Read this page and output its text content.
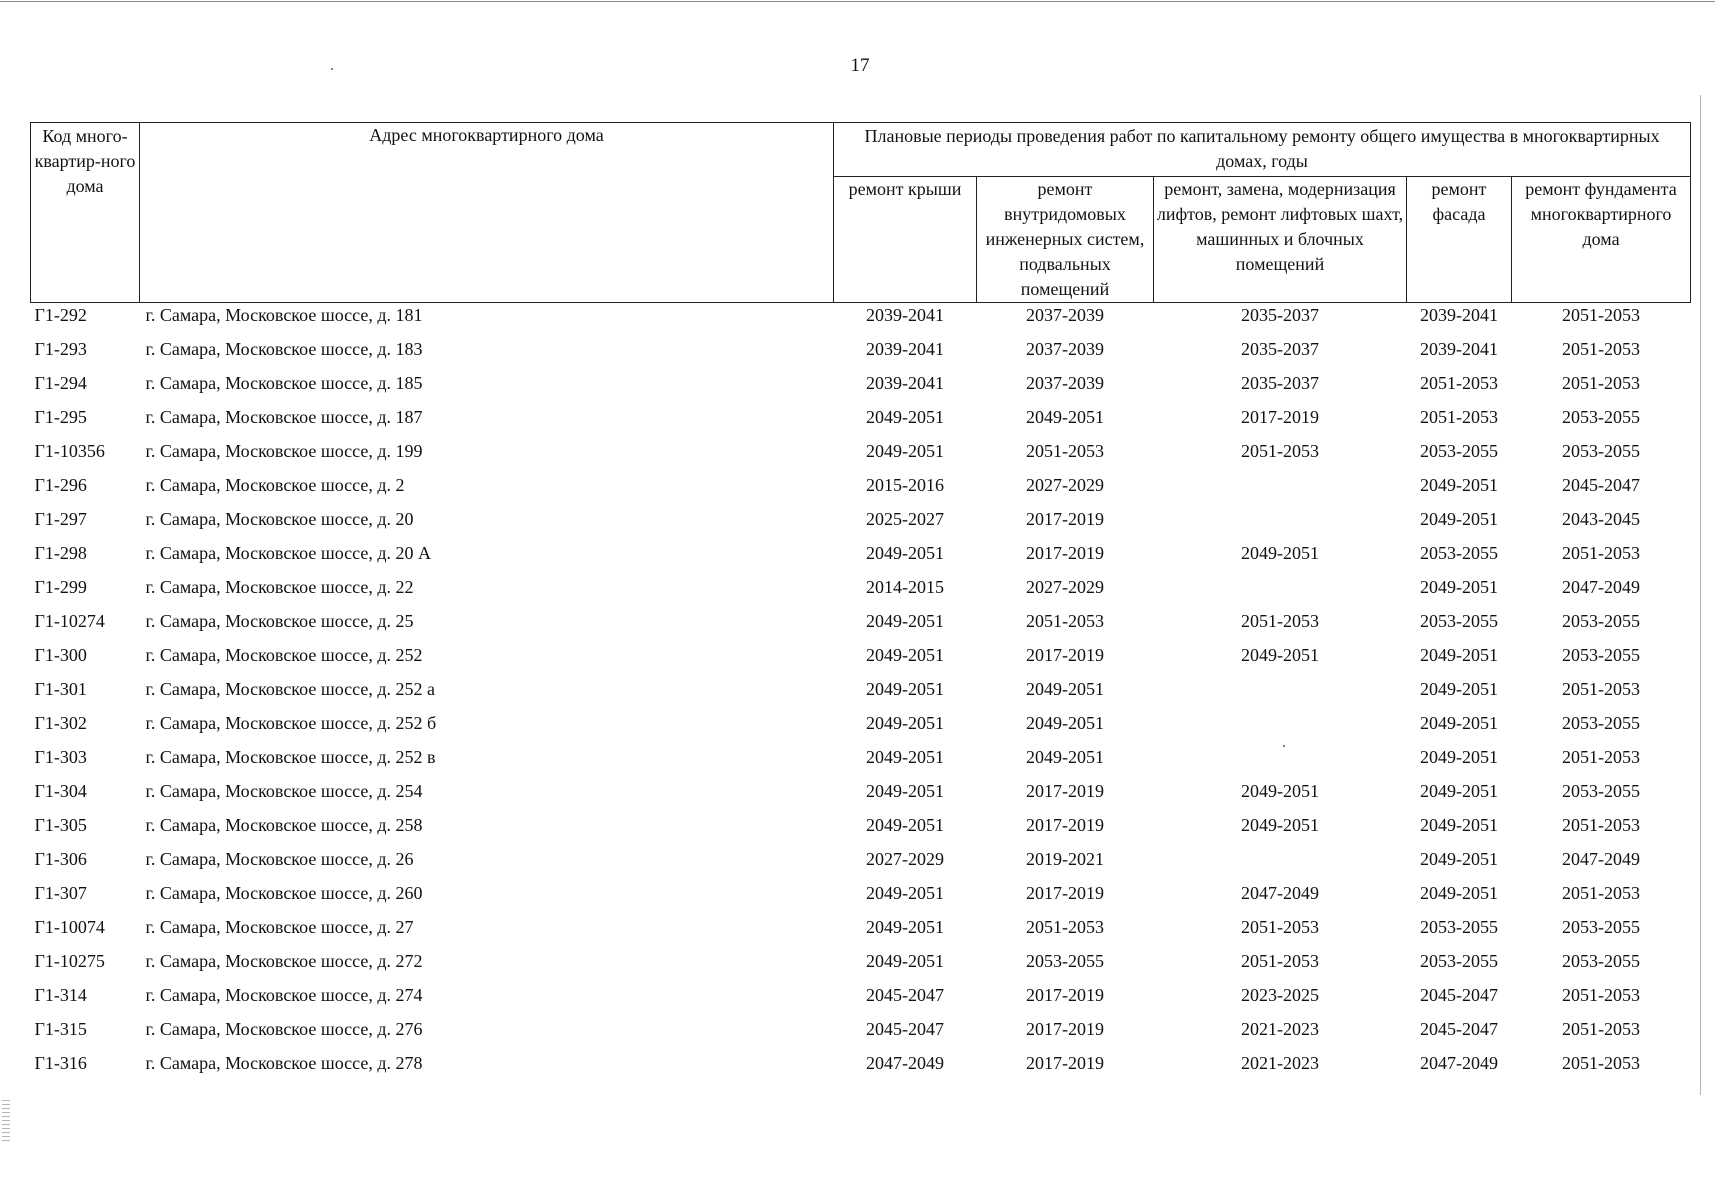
17
Код много-квартир-ного дома	Адрес многоквартирного дома	Плановые периоды проведения работ по капитальному ремонту общего имущества в многоквартирных домах, годы				
		ремонт крыши	ремонт внутридомовых инженерных систем, подвальных помещений	ремонт, замена, модернизация лифтов, ремонт лифтовых шахт, машинных и блочных помещений	ремонт фасада	ремонт фундамента многоквартирного дома
Г1-292	г. Самара, Московское шоссе, д. 181	2039-2041	2037-2039	2035-2037	2039-2041	2051-2053
Г1-293	г. Самара, Московское шоссе, д. 183	2039-2041	2037-2039	2035-2037	2039-2041	2051-2053
Г1-294	г. Самара, Московское шоссе, д. 185	2039-2041	2037-2039	2035-2037	2051-2053	2051-2053
Г1-295	г. Самара, Московское шоссе, д. 187	2049-2051	2049-2051	2017-2019	2051-2053	2053-2055
Г1-10356	г. Самара, Московское шоссе, д. 199	2049-2051	2051-2053	2051-2053	2053-2055	2053-2055
Г1-296	г. Самара, Московское шоссе, д. 2	2015-2016	2027-2029		2049-2051	2045-2047
Г1-297	г. Самара, Московское шоссе, д. 20	2025-2027	2017-2019		2049-2051	2043-2045
Г1-298	г. Самара, Московское шоссе, д. 20 А	2049-2051	2017-2019	2049-2051	2053-2055	2051-2053
Г1-299	г. Самара, Московское шоссе, д. 22	2014-2015	2027-2029		2049-2051	2047-2049
Г1-10274	г. Самара, Московское шоссе, д. 25	2049-2051	2051-2053	2051-2053	2053-2055	2053-2055
Г1-300	г. Самара, Московское шоссе, д. 252	2049-2051	2017-2019	2049-2051	2049-2051	2053-2055
Г1-301	г. Самара, Московское шоссе, д. 252 а	2049-2051	2049-2051		2049-2051	2051-2053
Г1-302	г. Самара, Московское шоссе, д. 252 б	2049-2051	2049-2051		2049-2051	2053-2055
Г1-303	г. Самара, Московское шоссе, д. 252 в	2049-2051	2049-2051		2049-2051	2051-2053
Г1-304	г. Самара, Московское шоссе, д. 254	2049-2051	2017-2019	2049-2051	2049-2051	2053-2055
Г1-305	г. Самара, Московское шоссе, д. 258	2049-2051	2017-2019	2049-2051	2049-2051	2051-2053
Г1-306	г. Самара, Московское шоссе, д. 26	2027-2029	2019-2021		2049-2051	2047-2049
Г1-307	г. Самара, Московское шоссе, д. 260	2049-2051	2017-2019	2047-2049	2049-2051	2051-2053
Г1-10074	г. Самара, Московское шоссе, д. 27	2049-2051	2051-2053	2051-2053	2053-2055	2053-2055
Г1-10275	г. Самара, Московское шоссе, д. 272	2049-2051	2053-2055	2051-2053	2053-2055	2053-2055
Г1-314	г. Самара, Московское шоссе, д. 274	2045-2047	2017-2019	2023-2025	2045-2047	2051-2053
Г1-315	г. Самара, Московское шоссе, д. 276	2045-2047	2017-2019	2021-2023	2045-2047	2051-2053
Г1-316	г. Самара, Московское шоссе, д. 278	2047-2049	2017-2019	2021-2023	2047-2049	2051-2053
